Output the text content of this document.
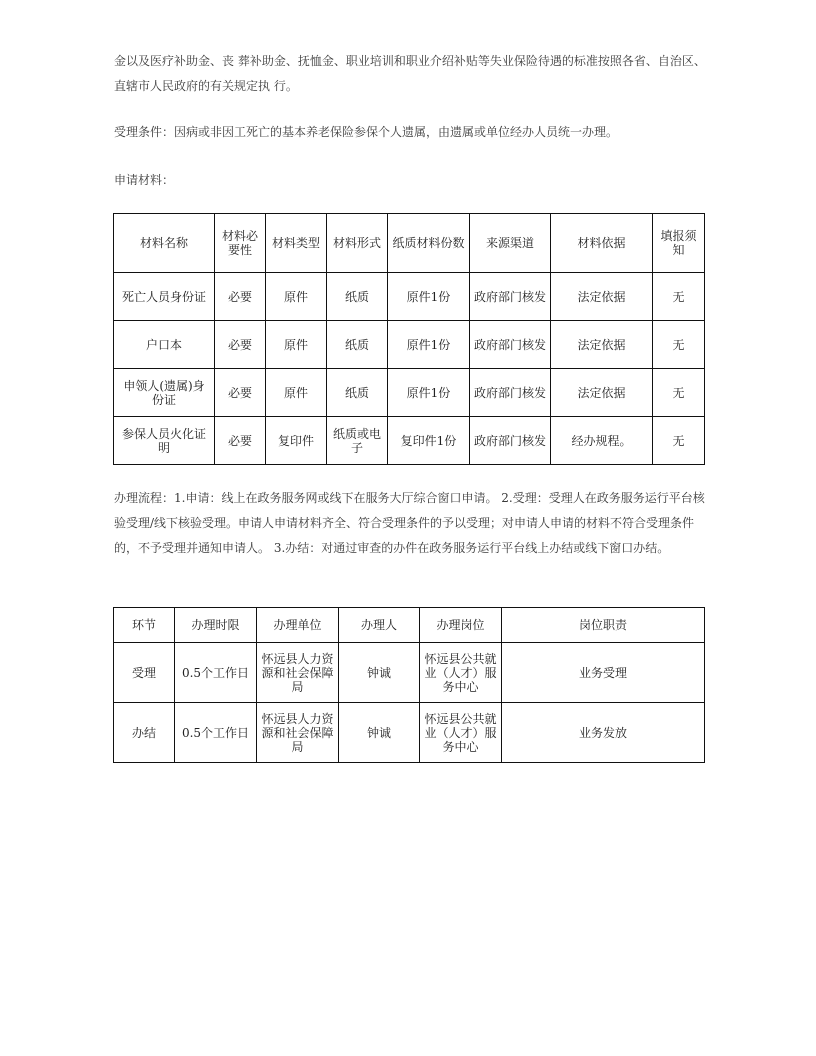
金以及医疗补助金、丧 葬补助金、抚恤金、职业培训和职业介绍补贴等失业保险待遇的标准按照各省、自治区、直辖市人民政府的有关规定执 行。

受理条件：因病或非因工死亡的基本养老保险参保个人遗属，由遗属或单位经办人员统一办理。

申请材料：

材料名称	材料必要性	材料类型	材料形式	纸质材料份数	来源渠道	材料依据	填报须知
死亡人员身份证	必要	原件	纸质	原件1份	政府部门核发	法定依据	无
户口本	必要	原件	纸质	原件1份	政府部门核发	法定依据	无
申领人(遗属)身份证	必要	原件	纸质	原件1份	政府部门核发	法定依据	无
参保人员火化证明	必要	复印件	纸质或电子	复印件1份	政府部门核发	经办规程。	无

办理流程：1.申请：线上在政务服务网或线下在服务大厅综合窗口申请。 2.受理：受理人在政务服务运行平台核验受理/线下核验受理。申请人申请材料齐全、符合受理条件的予以受理；对申请人申请的材料不符合受理条件的，不予受理并通知申请人。 3.办结：对通过审查的办件在政务服务运行平台线上办结或线下窗口办结。

环节	办理时限	办理单位	办理人	办理岗位	岗位职责
受理	0.5个工作日	怀远县人力资源和社会保障局	钟诚	怀远县公共就业（人才）服务中心	业务受理
办结	0.5个工作日	怀远县人力资源和社会保障局	钟诚	怀远县公共就业（人才）服务中心	业务发放
